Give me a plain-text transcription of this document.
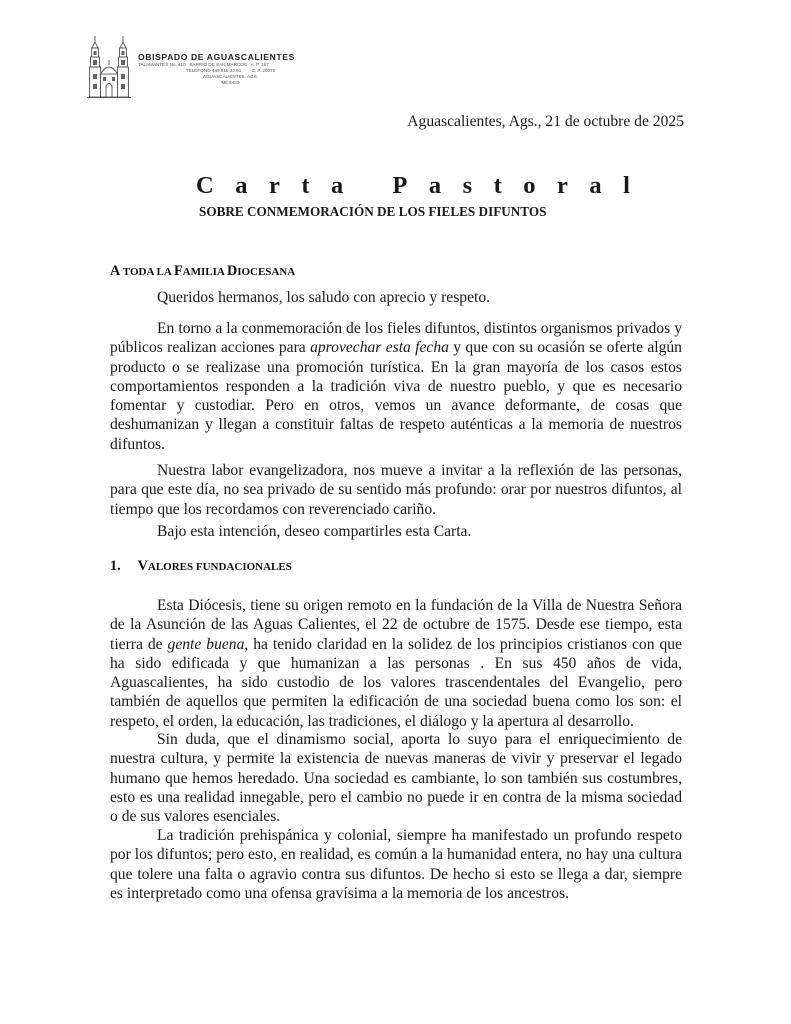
OBISPADO DE AGUASCALIENTES
TALAMANTES No. 410   BARRIO DE SAN MARCOS   A. P. 167
TELEFONO 449 915 32 61        C. P. 20070
AGUASCALIENTES, AGS.
MÉXICO
Aguascalientes, Ags., 21 de octubre de 2025
Carta Pastoral
SOBRE CONMEMORACIÓN DE LOS FIELES DIFUNTOS
A TODA LA FAMILIA DIOCESANA

Queridos hermanos, los saludo con aprecio y respeto.

En torno a la conmemoración de los fieles difuntos, distintos organismos privados y públicos realizan acciones para aprovechar esta fecha y que con su ocasión se oferte algún producto o se realizase una promoción turística. En la gran mayoría de los casos estos comportamientos responden a la tradición viva de nuestro pueblo, y que es necesario fomentar y custodiar. Pero en otros, vemos un avance deformante, de cosas que deshumanizan y llegan a constituir faltas de respeto auténticas a la memoria de nuestros difuntos.

Nuestra labor evangelizadora, nos mueve a invitar a la reflexión de las personas, para que este día, no sea privado de su sentido más profundo: orar por nuestros difuntos, al tiempo que los recordamos con reverenciado cariño.

Bajo esta intención, deseo compartirles esta Carta.

1. VALORES FUNDACIONALES

Esta Diócesis, tiene su origen remoto en la fundación de la Villa de Nuestra Señora de la Asunción de las Aguas Calientes, el 22 de octubre de 1575. Desde ese tiempo, esta tierra de gente buena, ha tenido claridad en la solidez de los principios cristianos con que ha sido edificada y que humanizan a las personas . En sus 450 años de vida, Aguascalientes, ha sido custodio de los valores trascendentales del Evangelio, pero también de aquellos que permiten la edificación de una sociedad buena como los son: el respeto, el orden, la educación, las tradiciones, el diálogo y la apertura al desarrollo.

Sin duda, que el dinamismo social, aporta lo suyo para el enriquecimiento de nuestra cultura, y permite la existencia de nuevas maneras de vivir y preservar el legado humano que hemos heredado. Una sociedad es cambiante, lo son también sus costumbres, esto es una realidad innegable, pero el cambio no puede ir en contra de la misma sociedad o de sus valores esenciales.

La tradición prehispánica y colonial, siempre ha manifestado un profundo respeto por los difuntos; pero esto, en realidad, es común a la humanidad entera, no hay una cultura que tolere una falta o agravio contra sus difuntos. De hecho si esto se llega a dar, siempre es interpretado como una ofensa gravísima a la memoria de los ancestros.
